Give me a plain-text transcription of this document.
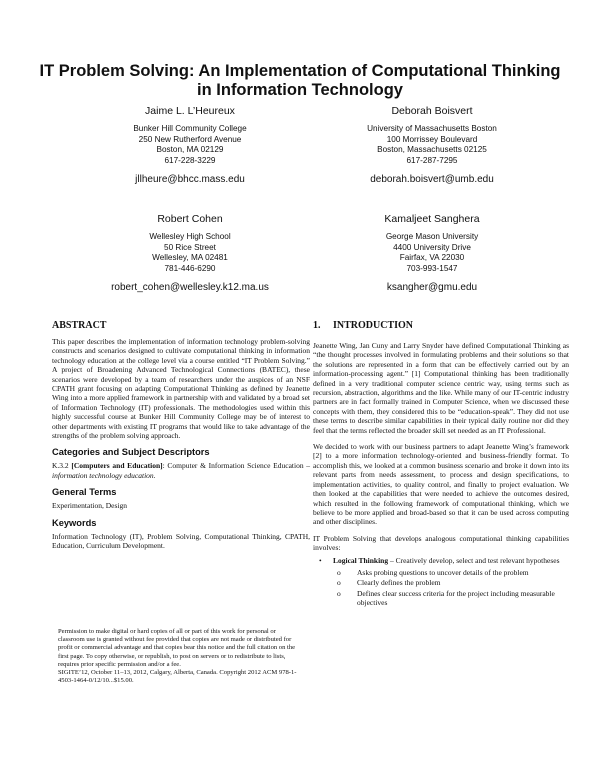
IT Problem Solving: An Implementation of Computational Thinking in Information Technology
Jaime L. L’Heureux
Bunker Hill Community College
250 New Rutherford Avenue
Boston, MA 02129
617-228-3229
jllheure@bhcc.mass.edu
Deborah Boisvert
University of Massachusetts Boston
100 Morrissey Boulevard
Boston, Massachusetts 02125
617-287-7295
deborah.boisvert@umb.edu
Robert Cohen
Wellesley High School
50 Rice Street
Wellesley, MA 02481
781-446-6290
robert_cohen@wellesley.k12.ma.us
Kamaljeet Sanghera
George Mason University
4400 University Drive
Fairfax, VA 22030
703-993-1547
ksangher@gmu.edu
ABSTRACT

This paper describes the implementation of information technology problem-solving constructs and scenarios designed to cultivate computational thinking in information technology education at the college level via a course entitled “IT Problem Solving.” A project of Broadening Advanced Technological Connections (BATEC), these scenarios were developed by a team of researchers under the auspices of an NSF CPATH grant focusing on adapting Computational Thinking as defined by Jeanette Wing into a more applied framework in partnership with and validated by a broad set of Information Technology (IT) professionals. The methodologies used within this highly successful course at Bunker Hill Community College may be of interest to other departments with existing IT programs that would like to take advantage of the strengths of the problem solving approach.

Categories and Subject Descriptors

K.3.2 [Computers and Education]: Computer & Information Science Education – information technology education.

General Terms

Experimentation, Design

Keywords

Information Technology (IT), Problem Solving, Computational Thinking, CPATH, Education, Curriculum Development.

Permission to make digital or hard copies of all or part of this work for personal or classroom use is granted without fee provided that copies are not made or distributed for profit or commercial advantage and that copies bear this notice and the full citation on the first page. To copy otherwise, or republish, to post on servers or to redistribute to lists, requires prior specific permission and/or a fee.

SIGITE’12, October 11–13, 2012, Calgary, Alberta, Canada. Copyright 2012 ACM 978-1-4503-1464-0/12/10...$15.00.

1. INTRODUCTION

Jeanette Wing, Jan Cuny and Larry Snyder have defined Computational Thinking as “the thought processes involved in formulating problems and their solutions so that the solutions are represented in a form that can be effectively carried out by an information-processing agent.” [1] Computational thinking has been traditionally defined in a very traditional computer science centric way, using terms such as recursion, abstraction, algorithms and the like. While many of our IT-centric industry partners are in fact formally trained in Computer Science, when we discussed these concepts with them, they considered this to be “education-speak”. They did not use these terms to describe similar capabilities in their typical daily routine nor did they feel that the terms reflected the broader skill set needed as an IT Professional.

We decided to work with our business partners to adapt Jeanette Wing’s framework [2] to a more information technology-oriented and business-friendly format. To accomplish this, we looked at a common business scenario and broke it down into its relevant parts from needs assessment, to process and design specifications, to implementation activities, to quality control, and finally to project evaluation. We then looked at the capabilities that were needed to achieve the outcomes desired, which resulted in the following framework of computational thinking, which we believe to be more applied and broad-based so that it can be used across computing and other disciplines.

IT Problem Solving that develops analogous computational thinking capabilities involves:

• Logical Thinking – Creatively develop, select and test relevant hypotheses
o Asks probing questions to uncover details of the problem
o Clearly defines the problem
o Defines clear success criteria for the project including measurable objectives
